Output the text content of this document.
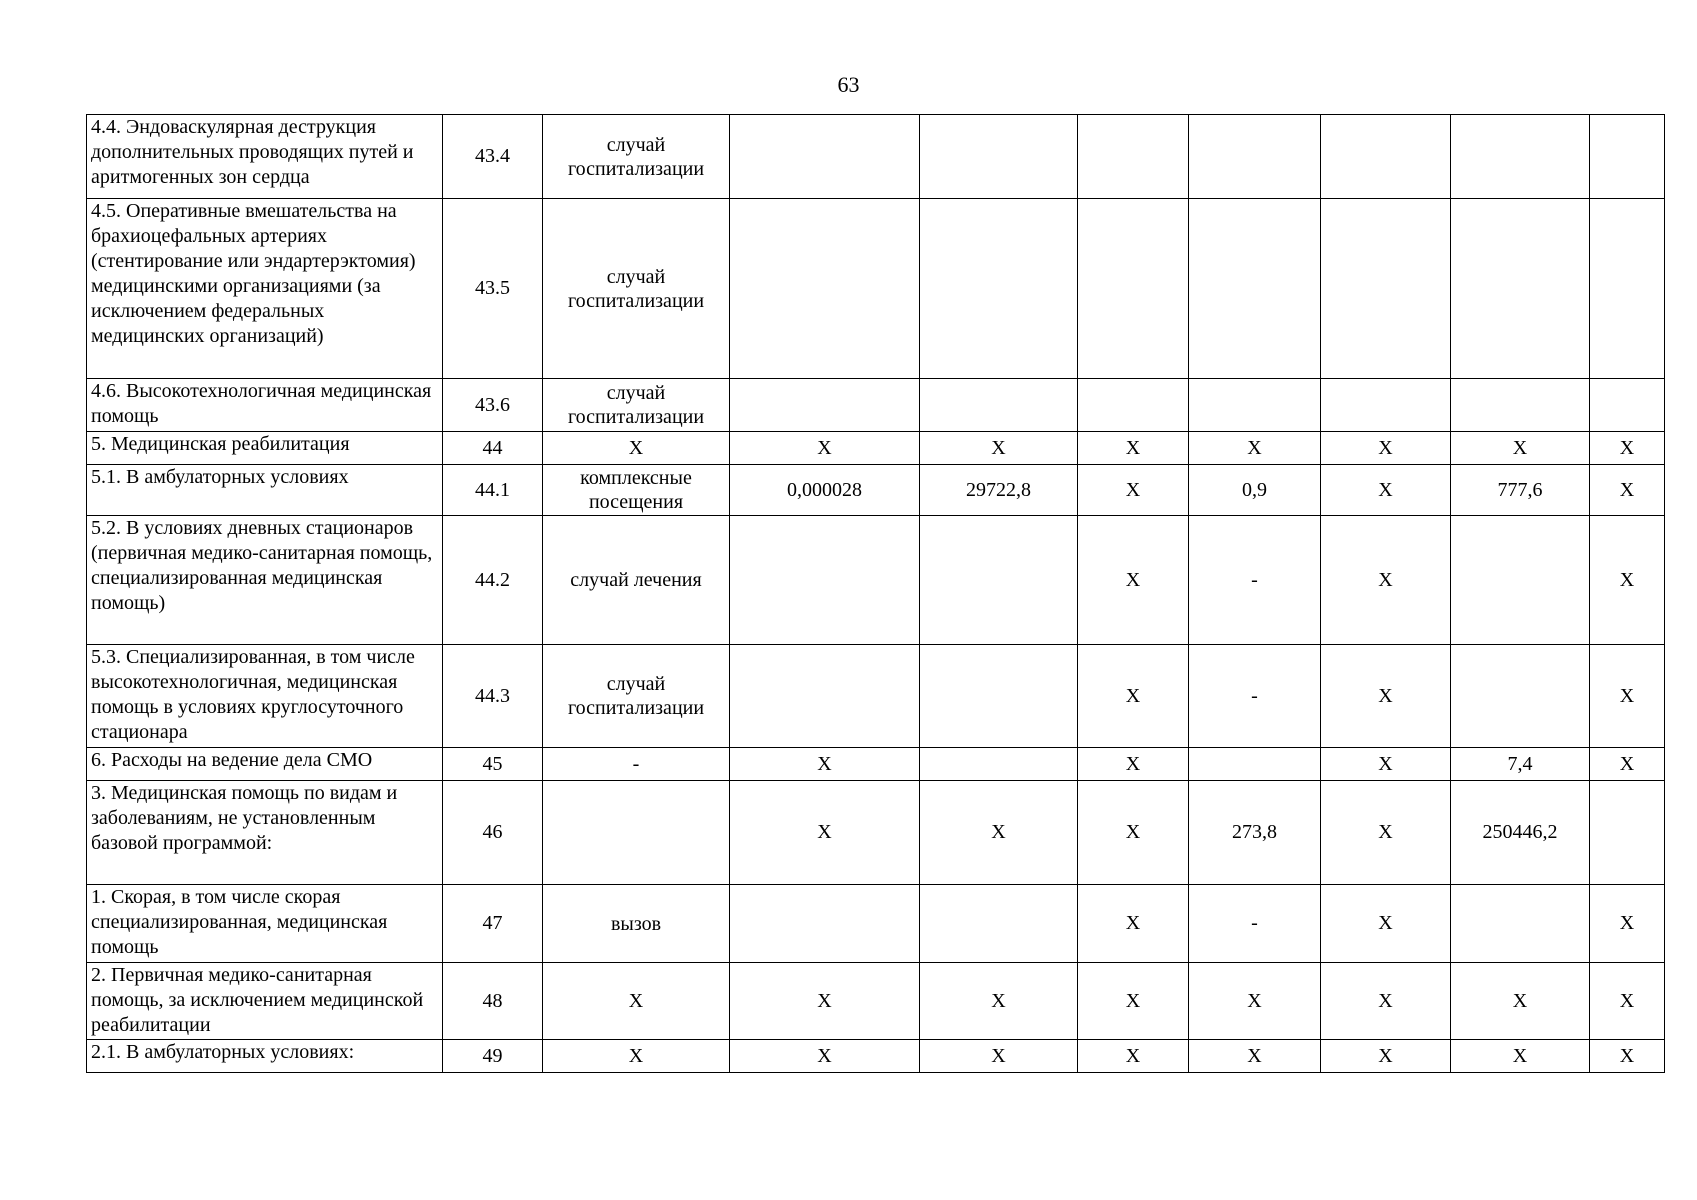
63
4.4. Эндоваскулярная деструкция дополнительных проводящих путей и аритмогенных зон сердца	43.4	случай госпитализации							
4.5. Оперативные вмешательства на брахиоцефальных артериях (стентирование или эндартерэктомия) медицинскими организациями (за исключением федеральных медицинских организаций)	43.5	случай госпитализации							
4.6. Высокотехнологичная медицинская помощь	43.6	случай госпитализации							
5. Медицинская реабилитация	44	Х	Х	Х	Х	Х	Х	Х	Х
5.1. В амбулаторных условиях	44.1	комплексные посещения	0,000028	29722,8	Х	0,9	Х	777,6	Х
5.2. В условиях дневных стационаров (первичная медико-санитарная помощь, специализированная медицинская помощь)	44.2	случай лечения			Х	-	Х		Х
5.3. Специализированная, в том числе высокотехнологичная, медицинская помощь в условиях круглосуточного стационара	44.3	случай госпитализации			Х	-	Х		Х
6. Расходы на ведение дела СМО	45	-	Х		Х		Х	7,4	Х
3. Медицинская помощь по видам и заболеваниям, не установленным базовой программой:	46		Х	Х	Х	273,8	Х	250446,2	
1. Скорая, в том числе скорая специализированная, медицинская помощь	47	вызов			Х	-	Х		Х
2. Первичная медико-санитарная помощь, за исключением медицинской реабилитации	48	Х	Х	Х	Х	Х	Х	Х	Х
2.1. В амбулаторных условиях:	49	Х	Х	Х	Х	Х	Х	Х	Х
